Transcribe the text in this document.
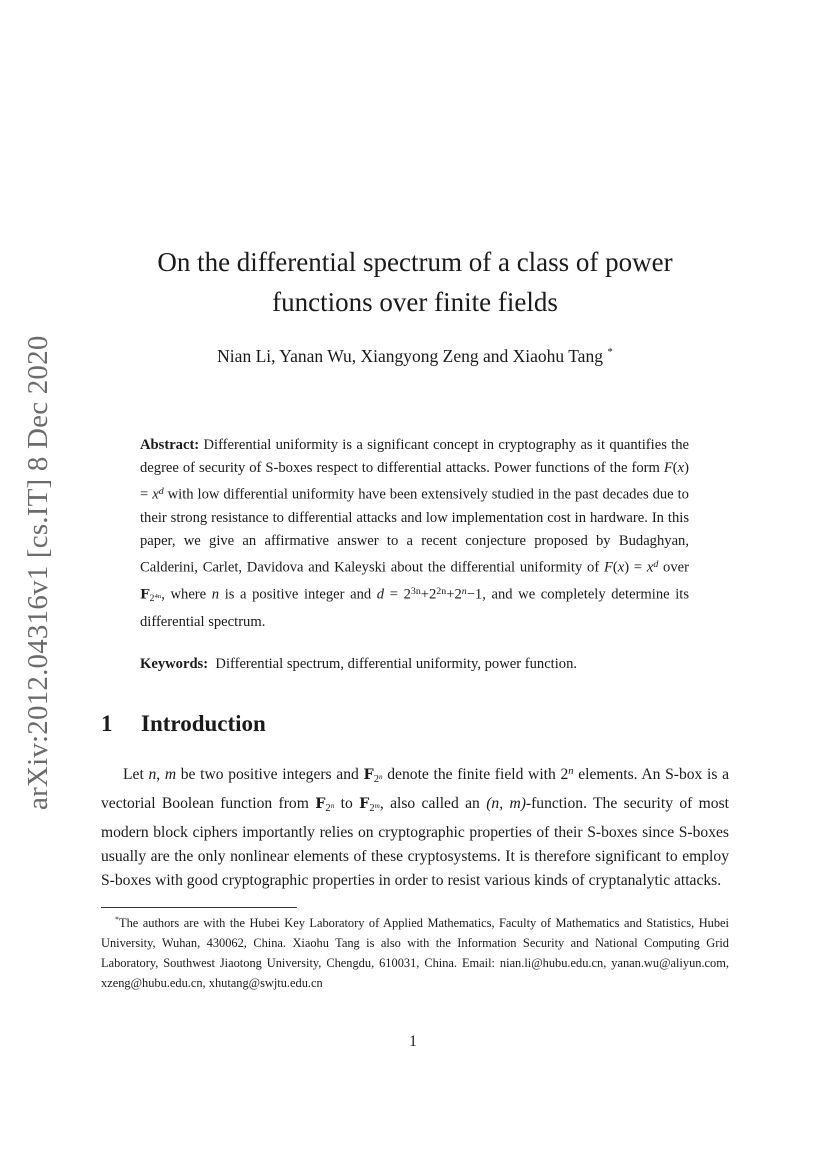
arXiv:2012.04316v1 [cs.IT] 8 Dec 2020
On the differential spectrum of a class of power
functions over finite fields
Nian Li, Yanan Wu, Xiangyong Zeng and Xiaohu Tang *
Abstract: Differential uniformity is a significant concept in cryptography as it quantifies the degree of security of S-boxes respect to differential attacks. Power functions of the form $F(x) = x^d$ with low differential uniformity have been extensively studied in the past decades due to their strong resistance to differential attacks and low implementation cost in hardware. In this paper, we give an affirmative answer to a recent conjecture proposed by Budaghyan, Calderini, Carlet, Davidova and Kaleyski about the differential uniformity of $F(x) = x^d$ over $F_{2^{4n}}$, where n is a positive integer and $d = 2^{3n}+2^{2n}+2^n-1$, and we completely determine its differential spectrum.
Keywords: Differential spectrum, differential uniformity, power function.
1 Introduction
Let n, m be two positive integers and $F_{2^n}$ denote the finite field with 2$^n$ elements. An S-box is a vectorial Boolean function from $F_{2^n}$ to $F_{2^m}$, also called an (n, m)-function. The security of most modern block ciphers importantly relies on cryptographic properties of their S-boxes since S-boxes usually are the only nonlinear elements of these cryptosystems. It is therefore significant to employ S-boxes with good cryptographic properties in order to resist various kinds of cryptanalytic attacks.
*The authors are with the Hubei Key Laboratory of Applied Mathematics, Faculty of Mathematics and Statistics, Hubei University, Wuhan, 430062, China. Xiaohu Tang is also with the Information Security and National Computing Grid Laboratory, Southwest Jiaotong University, Chengdu, 610031, China. Email: nian.li@hubu.edu.cn, yanan.wu@aliyun.com, xzeng@hubu.edu.cn, xhutang@swjtu.edu.cn
1
